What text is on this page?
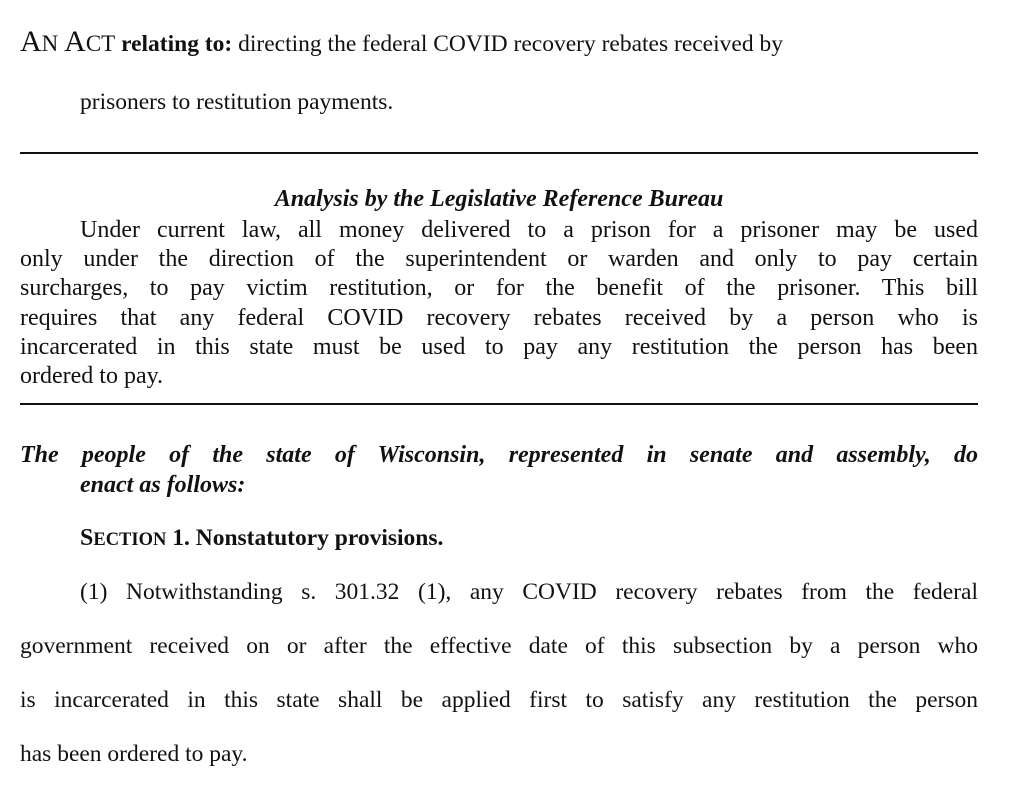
AN ACT relating to: directing the federal COVID recovery rebates received by
prisoners to restitution payments.
Analysis by the Legislative Reference Bureau
Under current law, all money delivered to a prison for a prisoner may be used
only under the direction of the superintendent or warden and only to pay certain
surcharges, to pay victim restitution, or for the benefit of the prisoner. This bill
requires that any federal COVID recovery rebates received by a person who is
incarcerated in this state must be used to pay any restitution the person has been
ordered to pay.
The people of the state of Wisconsin, represented in senate and assembly, do
enact as follows:
SECTION 1. Nonstatutory provisions.
(1) Notwithstanding s. 301.32 (1), any COVID recovery rebates from the federal
government received on or after the effective date of this subsection by a person who
is incarcerated in this state shall be applied first to satisfy any restitution the person
has been ordered to pay.
